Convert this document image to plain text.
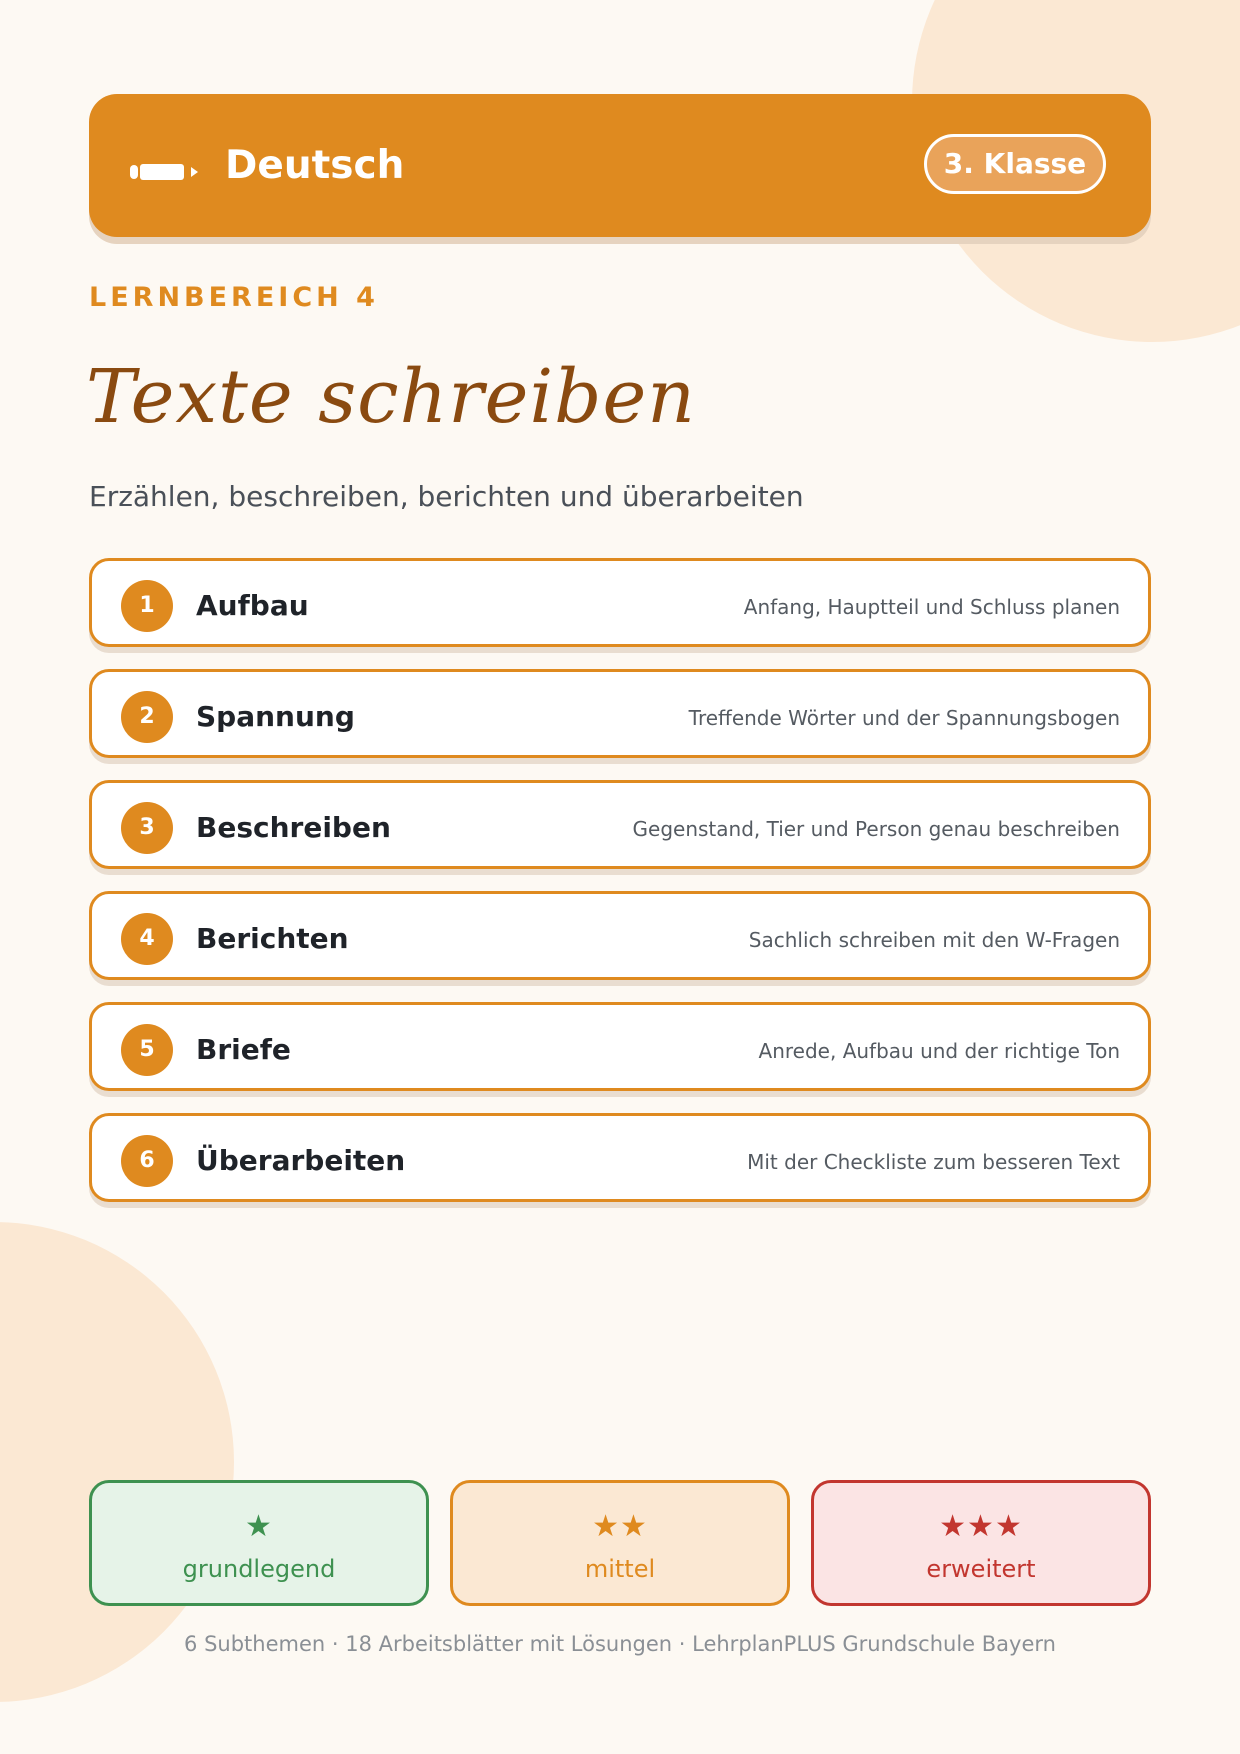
Deutsch	3. Klasse
LERNBEREICH 4
Texte schreiben
Erzählen, beschreiben, berichten und überarbeiten
1	Aufbau	Anfang, Hauptteil und Schluss planen
2	Spannung	Treffende Wörter und der Spannungsbogen
3	Beschreiben	Gegenstand, Tier und Person genau beschreiben
4	Berichten	Sachlich schreiben mit den W-Fragen
5	Briefe	Anrede, Aufbau und der richtige Ton
6	Überarbeiten	Mit der Checkliste zum besseren Text
★
grundlegend
★★
mittel
★★★
erweitert
6 Subthemen · 18 Arbeitsblätter mit Lösungen · LehrplanPLUS Grundschule Bayern
